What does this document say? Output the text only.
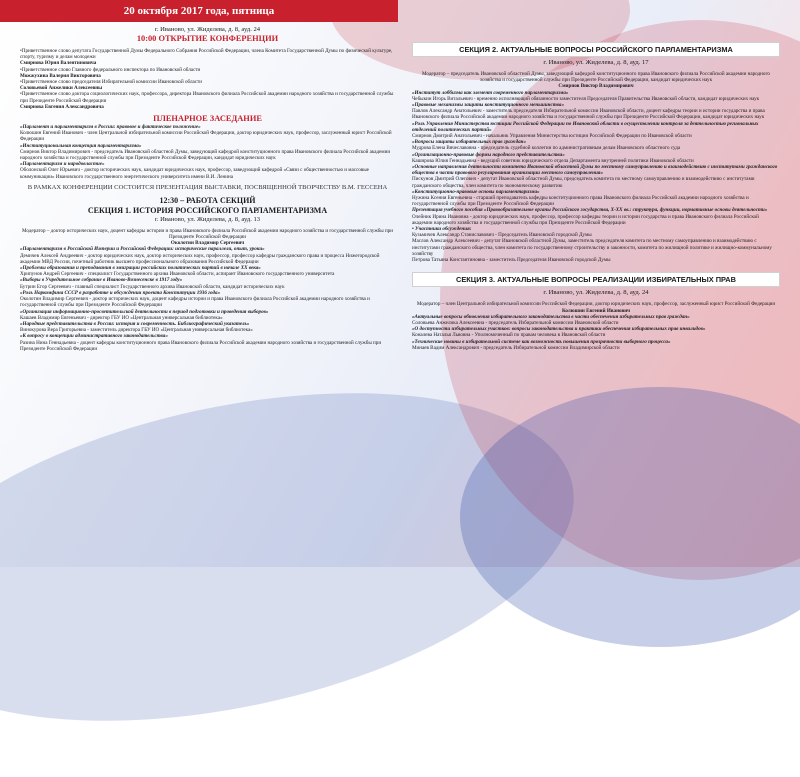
20 октября 2017 года, пятница
г. Иваново, ул. Жиделева, д. 8, ауд. 24
10:00 ОТКРЫТИЕ КОНФЕРЕНЦИИ

•Приветственное слово депутата Государственной Думы Федерального Собрания Российской Федерации, члена Комитета Государственной Думы по физической культуре, спорту, туризму и делам молодежи

Смирнова Юрия Валентиновича

•Приветственное слово Главного федерального инспектора по Ивановской области

Можжухина Валерия Викторовича

•Приветственное слово председателя Избирательной комиссии Ивановской области

Соловьевой Анжелики Алексеевны

•Приветственное слово доктора социологических наук, профессора, директора Ивановского филиала Российской академии народного хозяйства и государственной службы при Президенте Российской Федерации

Смирнова Евгения Александровича

ПЛЕНАРНОЕ ЗАСЕДАНИЕ

«Парламент и парламентаризм в России: правовое и фактическое положение»

Колюшин Евгений Иванович - член Центральной избирательной комиссии Российской Федерации, доктор юридических наук, профессор, заслуженный юрист Российской Федерации

«Институциональная концепция парламентаризма»

Смирнов Виктор Владимирович - председатель Ивановской областной Думы, заведующий кафедрой конституционного права Ивановского филиала Российской академии народного хозяйства и государственной службы при Президенте Российской Федерации, кандидат юридических наук

«Парламентаризм и народовластие»

Оболонский Олег Юрьевич - доктор исторических наук, кандидат юридических наук, профессор, заведующий кафедрой «Связи с общественностью и массовые коммуникации» Ивановского государственного энергетического университета имени В.И. Ленина

В РАМКАХ КОНФЕРЕНЦИИ СОСТОИТСЯ ПРЕЗЕНТАЦИЯ ВЫСТАВКИ, ПОСВЯЩЕННОЙ ТВОРЧЕСТВУ В.М. ГЕССЕНА
12:30 – РАБОТА СЕКЦИЙ
СЕКЦИЯ 1. ИСТОРИЯ РОССИЙСКОГО ПАРЛАМЕНТАРИЗМА
г. Иваново, ул. Жиделева, д. 8, ауд. 13

Модератор – доктор исторических наук, доцент кафедры истории и права Ивановского филиала Российской академии народного хозяйства и государственной службы при Президенте Российской Федерации

Околотин Владимир Сергеевич

«Парламентаризм в Российской Империи и Российской Федерации: исторические параллели, опыт, уроки»

Демичев Алексей Андреевич - доктор юридических наук, доктор исторических наук, профессор, профессор кафедры гражданского права и процесса Нижегородской академии МВД России, почетный работник высшего профессионального образования Российской Федерации

«Проблемы образования и преподавания в эмиграции российских политических партий в начале XX века»

Хрипунов Андрей Сергеевич - специалист Государственного архива Ивановской области, аспирант Ивановского государственного университета

«Выборы в Учредительное собрание в Иваново-Вознесенске в 1917 году»

Бутрин Егор Сергеевич - главный специалист Государственного архива Ивановской области, кандидат исторических наук

«Роль Наркомфина СССР в разработке и обсуждении проекта Конституции 1936 года»

Околотин Владимир Сергеевич - доктор исторических наук, доцент кафедры истории и права Ивановского филиала Российской академии народного хозяйства и государственной службы при Президенте Российской Федерации

«Организация информационно-просветительской деятельности в период подготовки и проведения выборов»

Кашаев Владимир Евгеньевич - директор ГБУ ИО «Центральная универсальная библиотека»

«Народные представительства в России: история и современность. Библиографический указатель»

Винокурова Вера Григорьевна - заместитель директора ГБУ ИО «Центральная универсальная библиотека»

«К вопросу о концепции административного законодательства»

Разина Нина Геннадьевна - доцент кафедры конституционного права Ивановского филиала Российской академии народного хозяйства и государственной службы при Президенте Российской Федерации

СЕКЦИЯ 2. АКТУАЛЬНЫЕ ВОПРОСЫ РОССИЙСКОГО ПАРЛАМЕНТАРИЗМА
г. Иваново, ул. Жиделева, д. 8, ауд. 17

Модератор – председатель Ивановской областной Думы, заведующий кафедрой конституционного права Ивановского филиала Российской академии народного хозяйства и государственной службы при Президенте Российской Федерации, кандидат юридических наук

Смирнов Виктор Владимирович

«Институт лоббизма как элемент современного парламентаризма»

Чебыкин Игорь Витальевич - временно исполняющий обязанности заместителя Председателя Правительства Ивановской области, кандидат юридических наук

«Правовые механизмы защиты конституционного меньшинства»

Павлов Александр Анатольевич - заместитель председателя Избирательной комиссии Ивановской области, доцент кафедры теории и истории государства и права Ивановского филиала Российской академии народного хозяйства и государственной службы при Президенте Российской Федерации, кандидат юридических наук

«Роль Управления Министерства юстиции Российской Федерации по Ивановской области в осуществлении контроля за деятельностью региональных отделений политических партий»

Смирнов Дмитрий Анатольевич - начальник Управления Министерства юстиции Российской Федерации по Ивановской области

«Вопросы защиты избирательных прав граждан»

Мудрова Елена Вячеславовна - председатель судебной коллегии по административным делам Ивановского областного суда

«Организационно-правовые формы народного представительства»

Каширова Юлия Геннадьевна - ведущий советник юридического отдела Департамента внутренней политики Ивановской области

«Основные направления деятельности комитета Ивановской областной Думы по местному самоуправлению и взаимодействию с институтами гражданского общества в части правового регулирования организации местного самоуправления»

Пискунов Дмитрий Олегович - депутат Ивановской областной Думы, председатель комитета по местному самоуправлению и взаимодействию с институтами гражданского общества, член комитета по экономическому развитию

«Конституционно-правовые основы парламентаризма»

Нужина Ксения Евгеньевна - старший преподаватель кафедры конституционного права Ивановского филиала Российской академии народного хозяйства и государственной службы при Президенте Российской Федерации

Презентация учебного пособия «Правообразательное органы Российского государства, X-XX вв.: структура, функции, нормативные основы деятельности»

Олейник Ирина Ивановна - доктор юридических наук, профессор, профессор кафедры теории и истории государства и права Ивановского филиала Российской академии народного хозяйства и государственной службы при Президенте Российской Федерации

• Участники обсуждения:

Кузьмичев Александр Станиславович - Председатель Ивановской городской Думы

Маслов Александр Алексеевич - депутат Ивановской областной Думы, заместитель председателя комитета по местному самоуправлению и взаимодействию с институтами гражданского общества, член комитета по государственному строительству и законности, комитета по жилищной политике и жилищно-коммунальному хозяйству

Петрова Татьяна Константиновна - заместитель Председателя Ивановской городской Думы

СЕКЦИЯ 3. АКТУАЛЬНЫЕ ВОПРОСЫ РЕАЛИЗАЦИИ ИЗБИРАТЕЛЬНЫХ ПРАВ
г. Иваново, ул. Жиделева, д. 8, ауд. 24

Модератор – член Центральной избирательной комиссии Российской Федерации, доктор юридических наук, профессор, заслуженный юрист Российской Федерации

Колюшин Евгений Иванович

«Актуальные вопросы обновления избирательного законодательства в части обеспечения избирательных прав граждан»

Соловьева Анжелика Алексеевна - председатель Избирательной комиссии Ивановской области

«О доступности избирательных участков: вопросы законодательства и практики обеспечения избирательных прав инвалидов»

Коналева Наталья Львовна - Уполномоченный по правам человека в Ивановской области

«Технические новины в избирательной системе как возможность повышения прозрачности выборного процесса»

Минаев Вадим Александрович - председатель Избирательной комиссии Владимирской области
